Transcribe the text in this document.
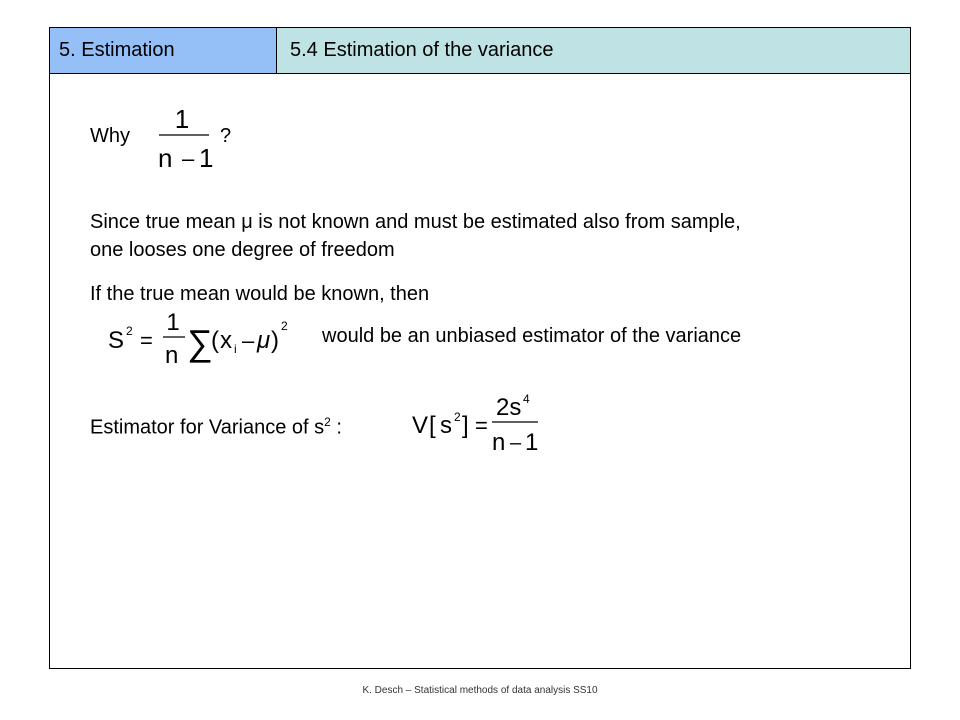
5. Estimation	5.4 Estimation of the variance
Why
1
n – 1
?
Since true mean μ is not known and must be estimated also from sample,
one looses one degree of freedom
If the true mean would be known, then
S 2 =
1
n ∑
( x i – μ )
2 would be an unbiased estimator of the variance
Estimator for Variance of $s^2$ :	V [ s 2 ] =
2s 4
n – 1
K. Desch – Statistical methods of data analysis SS10
